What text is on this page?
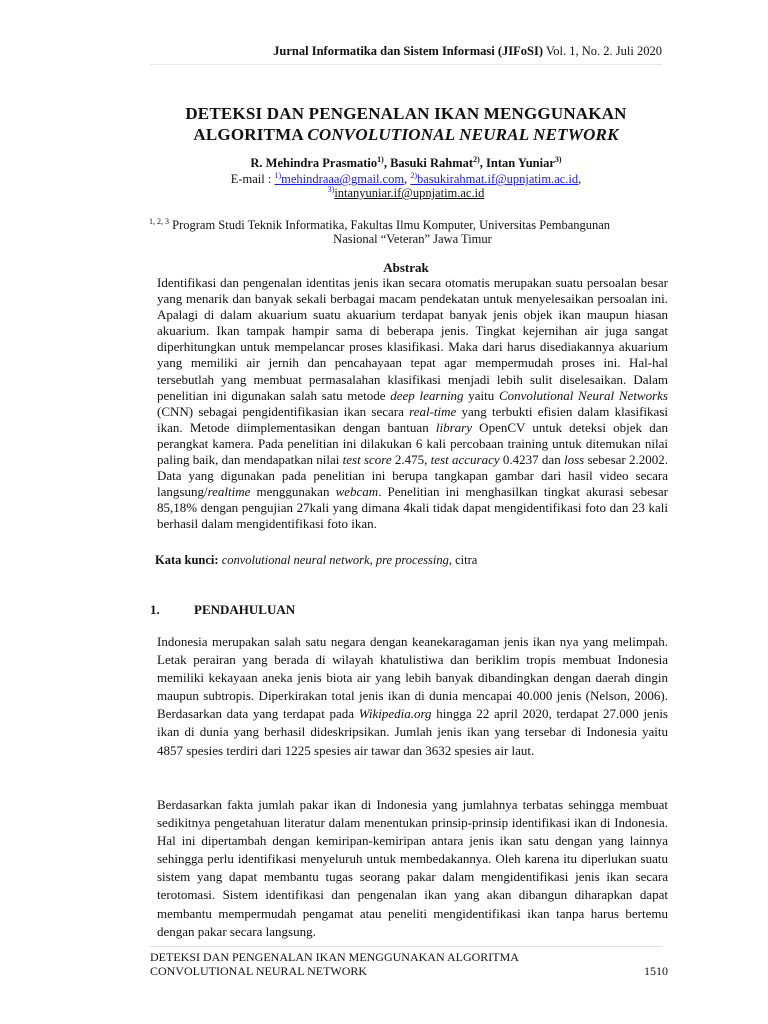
Jurnal Informatika dan Sistem Informasi (JIFoSI) Vol. 1, No. 2. Juli 2020
DETEKSI DAN PENGENALAN IKAN MENGGUNAKAN
ALGORITMA CONVOLUTIONAL NEURAL NETWORK
R. Mehindra Prasmatio$^{1)}$, Basuki Rahmat$^{2)}$, Intan Yuniar$^{3)}$
E-mail : $^{1)}$mehindraaa@gmail.com, $^{2)}$basukirahmat.if@upnjatim.ac.id,
$^{3)}$intanyuniar.if@upnjatim.ac.id
$^{1, 2, 3}$ Program Studi Teknik Informatika, Fakultas Ilmu Komputer, Universitas Pembangunan
Nasional “Veteran” Jawa Timur
Abstrak
Identifikasi dan pengenalan identitas jenis ikan secara otomatis merupakan suatu persoalan besar yang menarik dan banyak sekali berbagai macam pendekatan untuk menyelesaikan persoalan ini. Apalagi di dalam akuarium suatu akuarium terdapat banyak jenis objek ikan maupun hiasan akuarium. Ikan tampak hampir sama di beberapa jenis. Tingkat kejernihan air juga sangat diperhitungkan untuk mempelancar proses klasifikasi. Maka dari harus disediakannya akuarium yang memiliki air jernih dan pencahayaan tepat agar mempermudah proses ini. Hal-hal tersebutlah yang membuat permasalahan klasifikasi menjadi lebih sulit diselesaikan. Dalam penelitian ini digunakan salah satu metode deep learning yaitu Convolutional Neural Networks (CNN) sebagai pengidentifikasian ikan secara real-time yang terbukti efisien dalam klasifikasi ikan. Metode diimplementasikan dengan bantuan library OpenCV untuk deteksi objek dan perangkat kamera. Pada penelitian ini dilakukan 6 kali percobaan training untuk ditemukan nilai paling baik, dan mendapatkan nilai test score 2.475, test accuracy 0.4237 dan loss sebesar 2.2002. Data yang digunakan pada penelitian ini berupa tangkapan gambar dari hasil video secara langsung/realtime menggunakan webcam. Penelitian ini menghasilkan tingkat akurasi sebesar 85,18% dengan pengujian 27kali yang dimana 4kali tidak dapat mengidentifikasi foto dan 23 kali berhasil dalam mengidentifikasi foto ikan.
Kata kunci: convolutional neural network, pre processing, citra
1.	PENDAHULUAN
Indonesia merupakan salah satu negara dengan keanekaragaman jenis ikan nya yang melimpah. Letak perairan yang berada di wilayah khatulistiwa dan beriklim tropis membuat Indonesia memiliki kekayaan aneka jenis biota air yang lebih banyak dibandingkan dengan daerah dingin maupun subtropis. Diperkirakan total jenis ikan di dunia mencapai 40.000 jenis (Nelson, 2006). Berdasarkan data yang terdapat pada Wikipedia.org hingga 22 april 2020, terdapat 27.000 jenis ikan di dunia yang berhasil dideskripsikan. Jumlah jenis ikan yang tersebar di Indonesia yaitu 4857 spesies terdiri dari 1225 spesies air tawar dan 3632 spesies air laut.
Berdasarkan fakta jumlah pakar ikan di Indonesia yang jumlahnya terbatas sehingga membuat sedikitnya pengetahuan literatur dalam menentukan prinsip-prinsip identifikasi ikan di Indonesia. Hal ini dipertambah dengan kemiripan-kemiripan antara jenis ikan satu dengan yang lainnya sehingga perlu identifikasi menyeluruh untuk membedakannya. Oleh karena itu diperlukan suatu sistem yang dapat membantu tugas seorang pakar dalam mengidentifikasi jenis ikan secara terotomasi. Sistem identifikasi dan pengenalan ikan yang akan dibangun diharapkan dapat membantu mempermudah pengamat atau peneliti mengidentifikasi ikan tanpa harus bertemu dengan pakar secara langsung.
DETEKSI DAN PENGENALAN IKAN MENGGUNAKAN ALGORITMA
CONVOLUTIONAL NEURAL NETWORK	1510
